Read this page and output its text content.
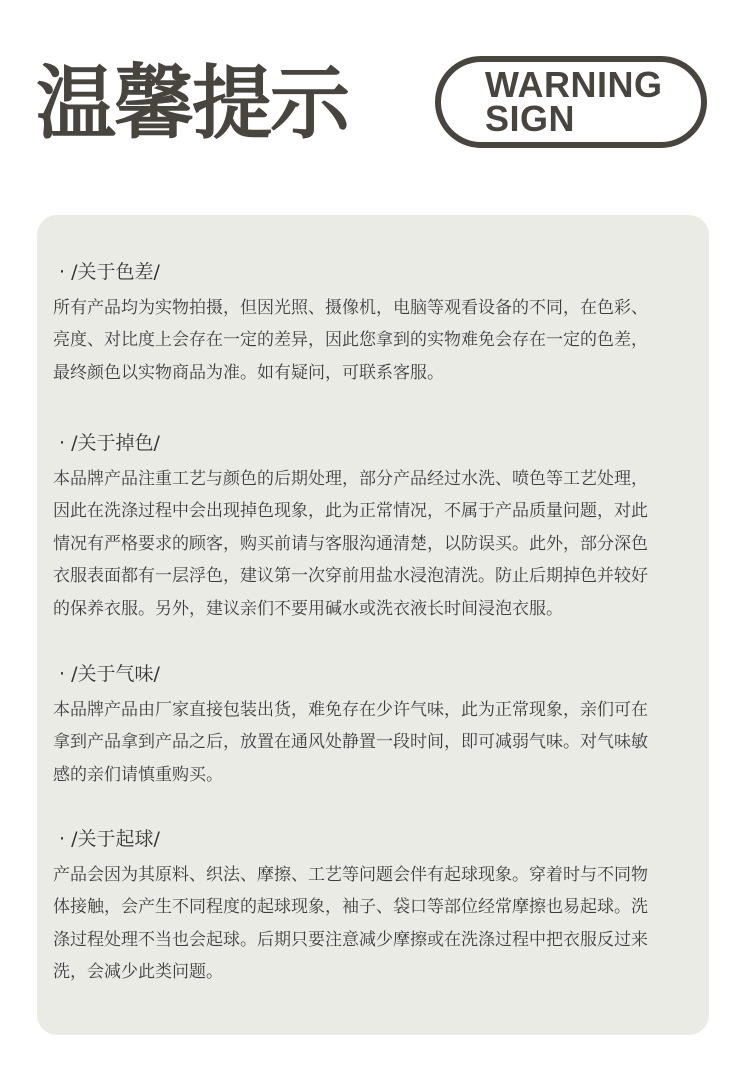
温馨提示	WARNING
SIGN
· /关于色差/
所有产品均为实物拍摄，但因光照、摄像机，电脑等观看设备的不同，在色彩、
亮度、对比度上会存在一定的差异，因此您拿到的实物难免会存在一定的色差，
最终颜色以实物商品为准。如有疑问，可联系客服。
· /关于掉色/
本品牌产品注重工艺与颜色的后期处理，部分产品经过水洗、喷色等工艺处理，
因此在洗涤过程中会出现掉色现象，此为正常情况，不属于产品质量问题，对此
情况有严格要求的顾客，购买前请与客服沟通清楚，以防误买。此外，部分深色
衣服表面都有一层浮色，建议第一次穿前用盐水浸泡清洗。防止后期掉色并较好
的保养衣服。另外，建议亲们不要用碱水或洗衣液长时间浸泡衣服。
· /关于气味/
本品牌产品由厂家直接包装出货，难免存在少许气味，此为正常现象，亲们可在
拿到产品拿到产品之后，放置在通风处静置一段时间，即可减弱气味。对气味敏
感的亲们请慎重购买。
· /关于起球/
产品会因为其原料、织法、摩擦、工艺等问题会伴有起球现象。穿着时与不同物
体接触，会产生不同程度的起球现象，袖子、袋口等部位经常摩擦也易起球。洗
涤过程处理不当也会起球。后期只要注意减少摩擦或在洗涤过程中把衣服反过来
洗，会减少此类问题。
